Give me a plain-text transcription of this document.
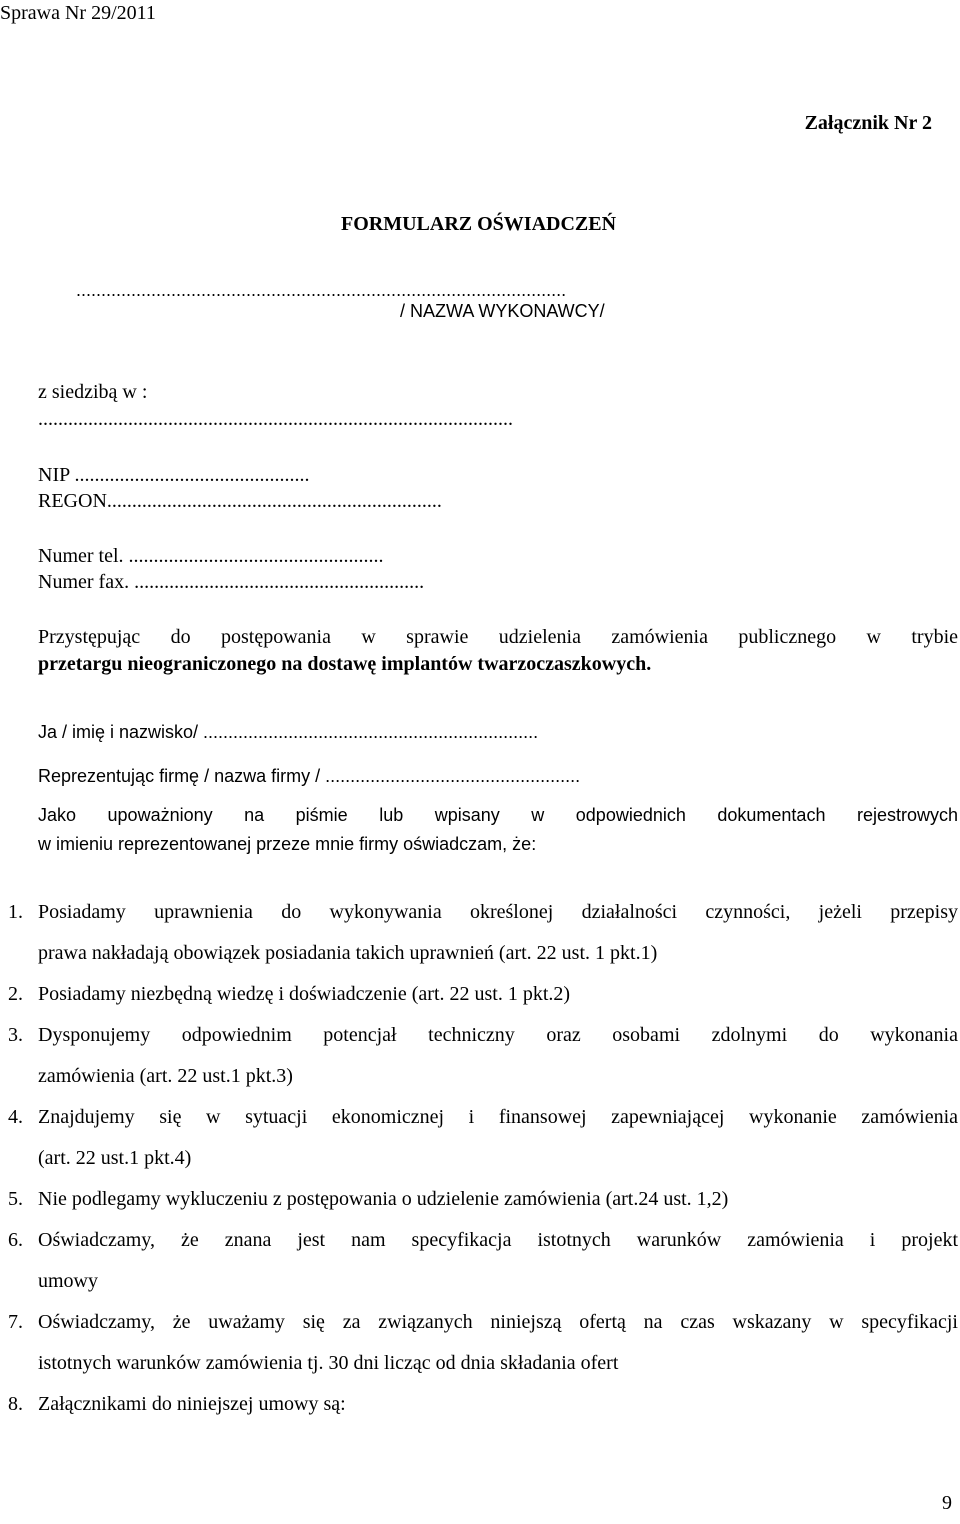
Sprawa Nr 29/2011
Załącznik Nr 2
FORMULARZ OŚWIADCZEŃ
..................................................................................................
/ NAZWA WYKONAWCY/
z siedzibą w :
...............................................................................................
NIP ...............................................
REGON...................................................................
Numer tel. ...................................................
Numer fax. ..........................................................
Przystępując do postępowania w sprawie udzielenia zamówienia publicznego w trybie
przetargu nieograniczonego na dostawę implantów twarzoczaszkowych.
Ja / imię i nazwisko/ ...................................................................
Reprezentując firmę / nazwa firmy / ...................................................
Jako upoważniony na piśmie lub wpisany w odpowiednich dokumentach rejestrowych
w imieniu reprezentowanej przeze mnie firmy oświadczam, że:
1. Posiadamy uprawnienia do wykonywania określonej działalności czynności, jeżeli przepisy
prawa nakładają obowiązek posiadania takich uprawnień (art. 22 ust. 1 pkt.1)
2. Posiadamy niezbędną wiedzę i doświadczenie (art. 22 ust. 1 pkt.2)
3. Dysponujemy odpowiednim potencjał techniczny oraz osobami zdolnymi do wykonania
zamówienia (art. 22 ust.1 pkt.3)
4. Znajdujemy się w sytuacji ekonomicznej i finansowej zapewniającej wykonanie zamówienia
(art. 22 ust.1 pkt.4)
5. Nie podlegamy wykluczeniu z postępowania o udzielenie zamówienia (art.24 ust. 1,2)
6. Oświadczamy, że znana jest nam specyfikacja istotnych warunków zamówienia i projekt
umowy
7. Oświadczamy, że uważamy się za związanych niniejszą ofertą na czas wskazany w specyfikacji
istotnych warunków zamówienia tj. 30 dni licząc od dnia składania ofert
8. Załącznikami do niniejszej umowy są:
9
